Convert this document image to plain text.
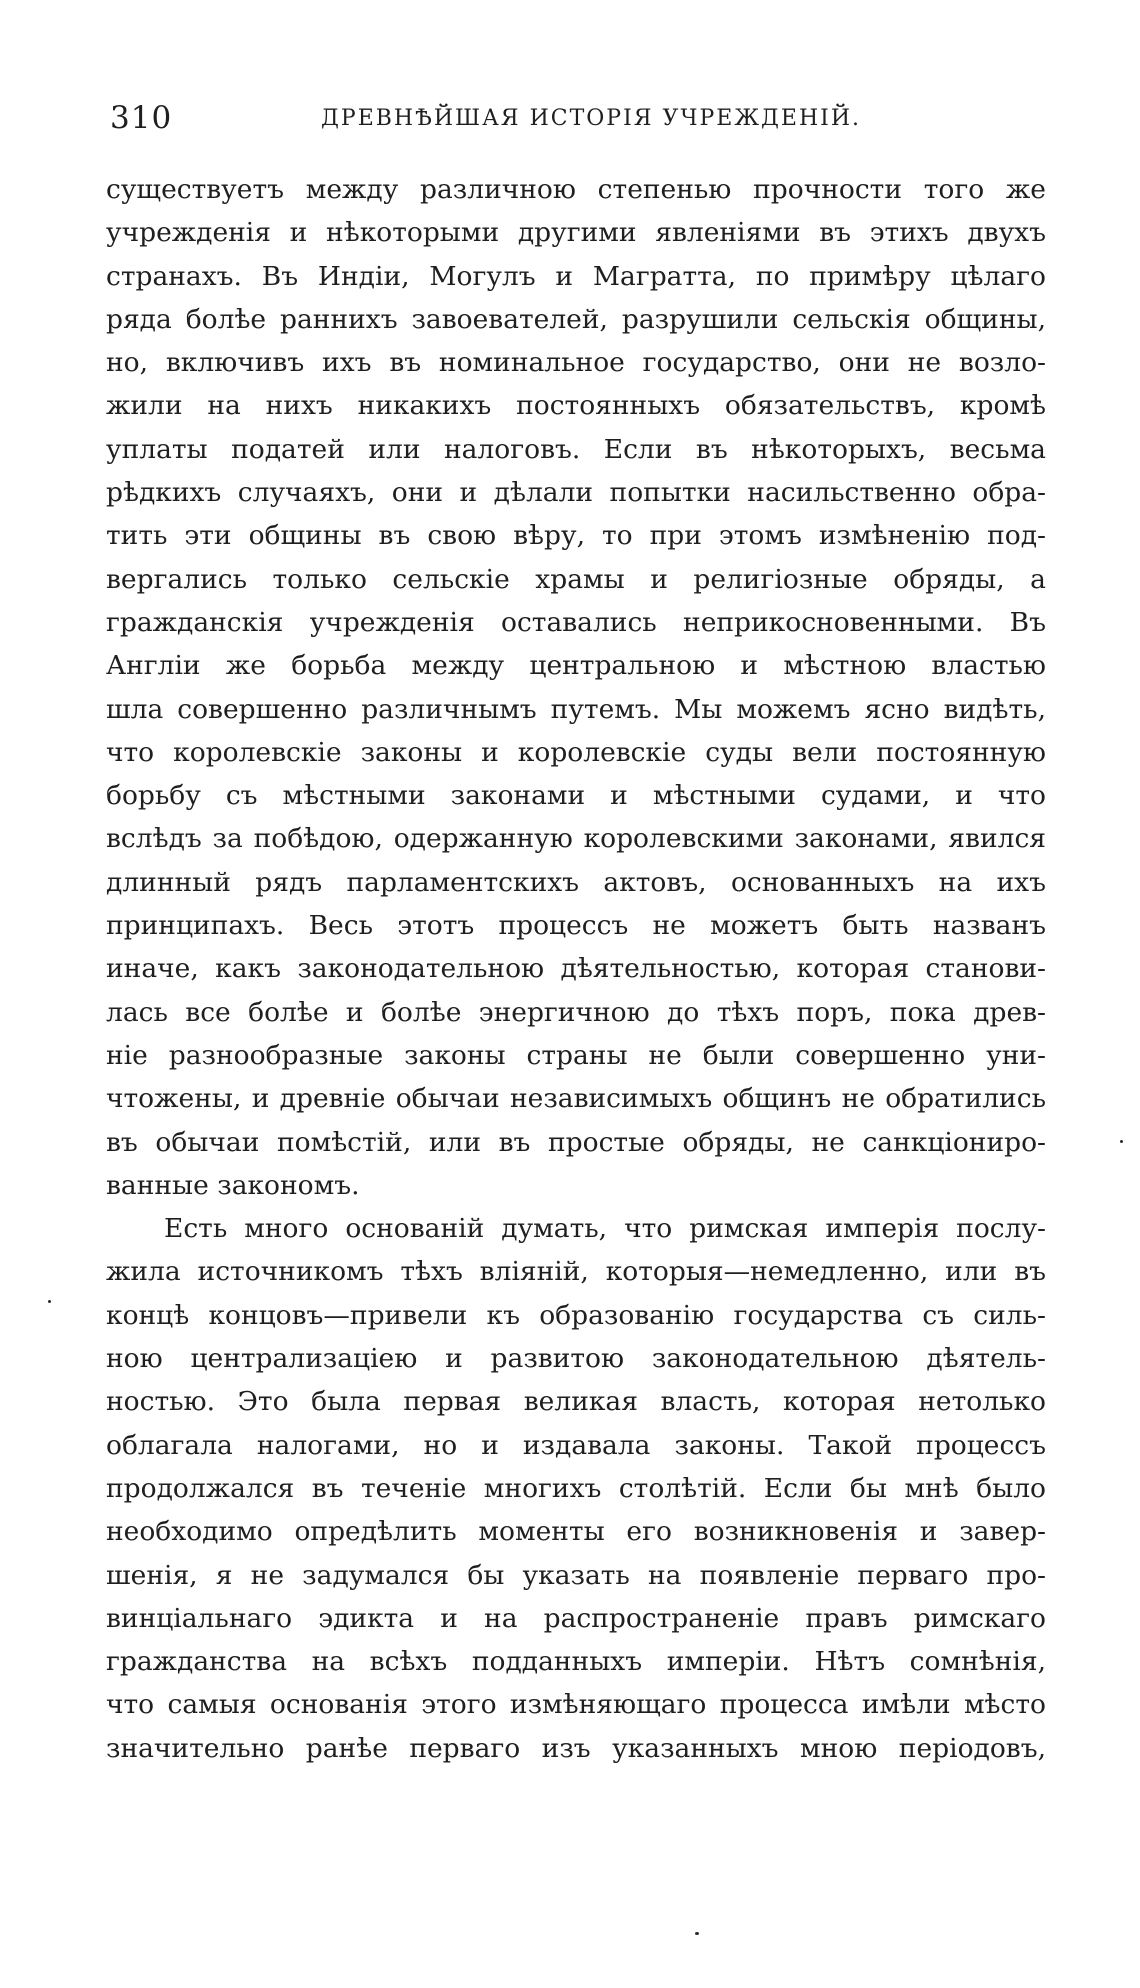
310	ДРЕВНѢЙШАЯ ИСТОРІЯ УЧРЕЖДЕНІЙ.
существуетъ между различною степенью прочности того же
учрежденія и нѣкоторыми другими явленіями въ этихъ двухъ
странахъ. Въ Индіи, Могулъ и Магратта, по примѣру цѣлаго
ряда болѣе раннихъ завоевателей, разрушили сельскія общины,
но, включивъ ихъ въ номинальное государство, они не возло-
жили на нихъ никакихъ постоянныхъ обязательствъ, кромѣ
уплаты податей или налоговъ. Если въ нѣкоторыхъ, весьма
рѣдкихъ случаяхъ, они и дѣлали попытки насильственно обра-
тить эти общины въ свою вѣру, то при этомъ измѣненію под-
вергались только сельскіе храмы и религіозные обряды, а
гражданскія учрежденія оставались неприкосновенными. Въ
Англіи же борьба между центральною и мѣстною властью
шла совершенно различнымъ путемъ. Мы можемъ ясно видѣть,
что королевскіе законы и королевскіе суды вели постоянную
борьбу съ мѣстными законами и мѣстными судами, и что
вслѣдъ за побѣдою, одержанную королевскими законами, явился
длинный рядъ парламентскихъ актовъ, основанныхъ на ихъ
принципахъ. Весь этотъ процессъ не можетъ быть названъ
иначе, какъ законодательною дѣятельностью, которая станови-
лась все болѣе и болѣе энергичною до тѣхъ поръ, пока древ-
ніе разнообразные законы страны не были совершенно уни-
чтожены, и древніе обычаи независимыхъ общинъ не обратились
въ обычаи помѣстій, или въ простые обряды, не санкціониро-
ванные закономъ.
Есть много основаній думать, что римская имперія послу-
жила источникомъ тѣхъ вліяній, которыя—немедленно, или въ
концѣ концовъ—привели къ образованію государства съ силь-
ною централизаціею и развитою законодательною дѣятель-
ностью. Это была первая великая власть, которая нетолько
облагала налогами, но и издавала законы. Такой процессъ
продолжался въ теченіе многихъ столѣтій. Если бы мнѣ было
необходимо опредѣлить моменты его возникновенія и завер-
шенія, я не задумался бы указать на появленіе перваго про-
винціальнаго эдикта и на распространеніе правъ римскаго
гражданства на всѣхъ подданныхъ имперіи. Нѣтъ сомнѣнія,
что самыя основанія этого измѣняющаго процесса имѣли мѣсто
значительно ранѣе перваго изъ указанныхъ мною періодовъ,
